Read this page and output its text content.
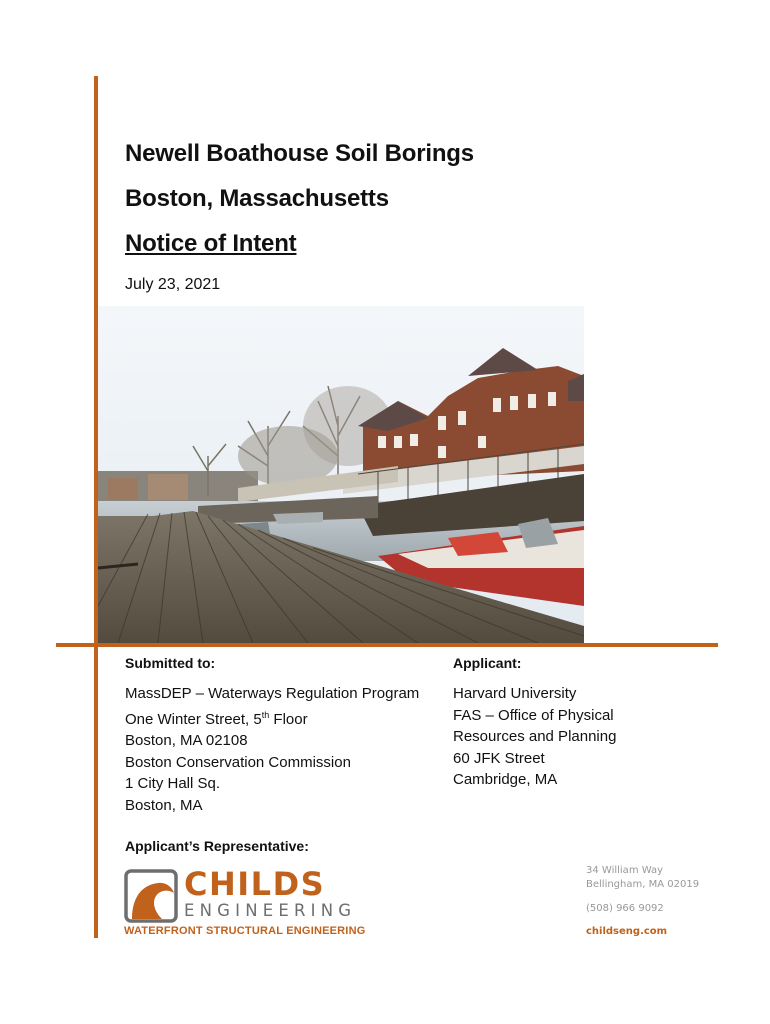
Newell Boathouse Soil Borings
Boston, Massachusetts
Notice of Intent
July 23, 2021
Submitted to:	Applicant:
MassDEP – Waterways Regulation Program
One Winter Street, 5th Floor
Boston, MA 02108
Boston Conservation Commission
1 City Hall Sq.
Boston, MA
Harvard University
FAS – Office of Physical
Resources and Planning
60 JFK Street
Cambridge, MA
Applicant’s Representative:
CHILDS
ENGINEERING
WATERFRONT STRUCTURAL ENGINEERING
34 William Way
Bellingham, MA 02019
(508) 966 9092
childseng.com
